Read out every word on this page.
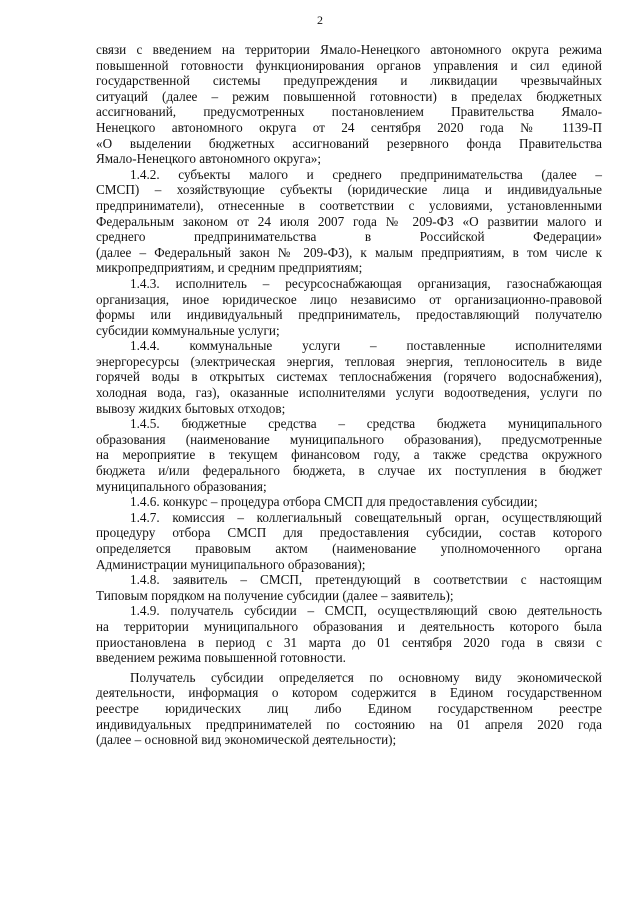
2
связи с введением на территории Ямало-Ненецкого автономного округа режима
повышенной готовности функционирования органов управления и сил единой
государственной системы предупреждения и ликвидации чрезвычайных
ситуаций (далее – режим повышенной готовности) в пределах бюджетных
ассигнований, предусмотренных постановлением Правительства Ямало-
Ненецкого автономного округа от 24 сентября 2020 года № 1139-П
«О выделении бюджетных ассигнований резервного фонда Правительства
Ямало-Ненецкого автономного округа»;
1.4.2. субъекты малого и среднего предпринимательства (далее –
СМСП) – хозяйствующие субъекты (юридические лица и индивидуальные
предприниматели), отнесенные в соответствии с условиями, установленными
Федеральным законом от 24 июля 2007 года № 209-ФЗ «О развитии малого и
среднего предпринимательства в Российской Федерации»
(далее – Федеральный закон № 209-ФЗ), к малым предприятиям, в том числе к
микропредприятиям, и средним предприятиям;
1.4.3. исполнитель – ресурсоснабжающая организация, газоснабжающая
организация, иное юридическое лицо независимо от организационно-правовой
формы или индивидуальный предприниматель, предоставляющий получателю
субсидии коммунальные услуги;
1.4.4. коммунальные услуги – поставленные исполнителями
энергоресурсы (электрическая энергия, тепловая энергия, теплоноситель в виде
горячей воды в открытых системах теплоснабжения (горячего водоснабжения),
холодная вода, газ), оказанные исполнителями услуги водоотведения, услуги по
вывозу жидких бытовых отходов;
1.4.5. бюджетные средства – средства бюджета муниципального
образования (наименование муниципального образования), предусмотренные
на мероприятие в текущем финансовом году, а также средства окружного
бюджета и/или федерального бюджета, в случае их поступления в бюджет
муниципального образования;
1.4.6. конкурс – процедура отбора СМСП для предоставления субсидии;
1.4.7. комиссия – коллегиальный совещательный орган, осуществляющий
процедуру отбора СМСП для предоставления субсидии, состав которого
определяется правовым актом (наименование уполномоченного органа
Администрации муниципального образования);
1.4.8. заявитель – СМСП, претендующий в соответствии с настоящим
Типовым порядком на получение субсидии (далее – заявитель);
1.4.9. получатель субсидии – СМСП, осуществляющий свою деятельность
на территории муниципального образования и деятельность которого была
приостановлена в период с 31 марта до 01 сентября 2020 года в связи с
введением режима повышенной готовности.
Получатель субсидии определяется по основному виду экономической
деятельности, информация о котором содержится в Едином государственном
реестре юридических лиц либо Едином государственном реестре
индивидуальных предпринимателей по состоянию на 01 апреля 2020 года
(далее – основной вид экономической деятельности);
